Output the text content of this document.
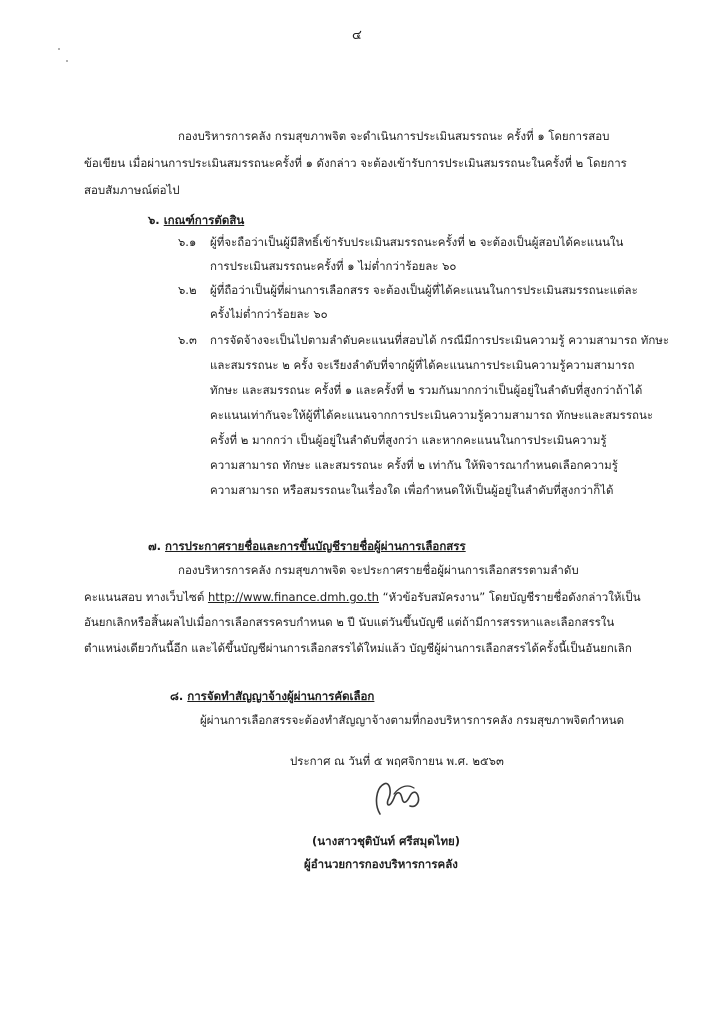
๔
กองบริหารการคลัง กรมสุขภาพจิต จะดำเนินการประเมินสมรรถนะ ครั้งที่ ๑ โดยการสอบ
ข้อเขียน เมื่อผ่านการประเมินสมรรถนะครั้งที่ ๑ ดังกล่าว จะต้องเข้ารับการประเมินสมรรถนะในครั้งที่ ๒ โดยการ
สอบสัมภาษณ์ต่อไป
๖. เกณฑ์การตัดสิน
๖.๑ ผู้ที่จะถือว่าเป็นผู้มีสิทธิ์เข้ารับประเมินสมรรถนะครั้งที่ ๒ จะต้องเป็นผู้สอบได้คะแนนใน
การประเมินสมรรถนะครั้งที่ ๑ ไม่ต่ำกว่าร้อยละ ๖๐
๖.๒ ผู้ที่ถือว่าเป็นผู้ที่ผ่านการเลือกสรร จะต้องเป็นผู้ที่ได้คะแนนในการประเมินสมรรถนะแต่ละ
ครั้งไม่ต่ำกว่าร้อยละ ๖๐
๖.๓ การจัดจ้างจะเป็นไปตามลำดับคะแนนที่สอบได้ กรณีมีการประเมินความรู้ ความสามารถ ทักษะ
และสมรรถนะ ๒ ครั้ง จะเรียงลำดับที่จากผู้ที่ได้คะแนนการประเมินความรู้ความสามารถ
ทักษะ และสมรรถนะ ครั้งที่ ๑ และครั้งที่ ๒ รวมกันมากกว่าเป็นผู้อยู่ในลำดับที่สูงกว่าถ้าได้
คะแนนเท่ากันจะให้ผู้ที่ได้คะแนนจากการประเมินความรู้ความสามารถ ทักษะและสมรรถนะ
ครั้งที่ ๒ มากกว่า เป็นผู้อยู่ในลำดับที่สูงกว่า และหากคะแนนในการประเมินความรู้
ความสามารถ ทักษะ และสมรรถนะ ครั้งที่ ๒ เท่ากัน ให้พิจารณากำหนดเลือกความรู้
ความสามารถ หรือสมรรถนะในเรื่องใด เพื่อกำหนดให้เป็นผู้อยู่ในลำดับที่สูงกว่าก็ได้
๗. การประกาศรายชื่อและการขึ้นบัญชีรายชื่อผู้ผ่านการเลือกสรร
กองบริหารการคลัง กรมสุขภาพจิต จะประกาศรายชื่อผู้ผ่านการเลือกสรรตามลำดับ
คะแนนสอบ ทางเว็บไซต์ http://www.finance.dmh.go.th “หัวข้อรับสมัครงาน” โดยบัญชีรายชื่อดังกล่าวให้เป็น
อันยกเลิกหรือสิ้นผลไปเมื่อการเลือกสรรครบกำหนด ๒ ปี นับแต่วันขึ้นบัญชี แต่ถ้ามีการสรรหาและเลือกสรรใน
ตำแหน่งเดียวกันนี้อีก และได้ขึ้นบัญชีผ่านการเลือกสรรได้ใหม่แล้ว บัญชีผู้ผ่านการเลือกสรรได้ครั้งนี้เป็นอันยกเลิก
๘. การจัดทำสัญญาจ้างผู้ผ่านการคัดเลือก
ผู้ผ่านการเลือกสรรจะต้องทำสัญญาจ้างตามที่กองบริหารการคลัง กรมสุขภาพจิตกำหนด
ประกาศ ณ วันที่ ๕ พฤศจิกายน พ.ศ. ๒๕๖๓
(นางสาวชุติบันท์ ศรีสมุดไทย)
ผู้อำนวยการกองบริหารการคลัง
